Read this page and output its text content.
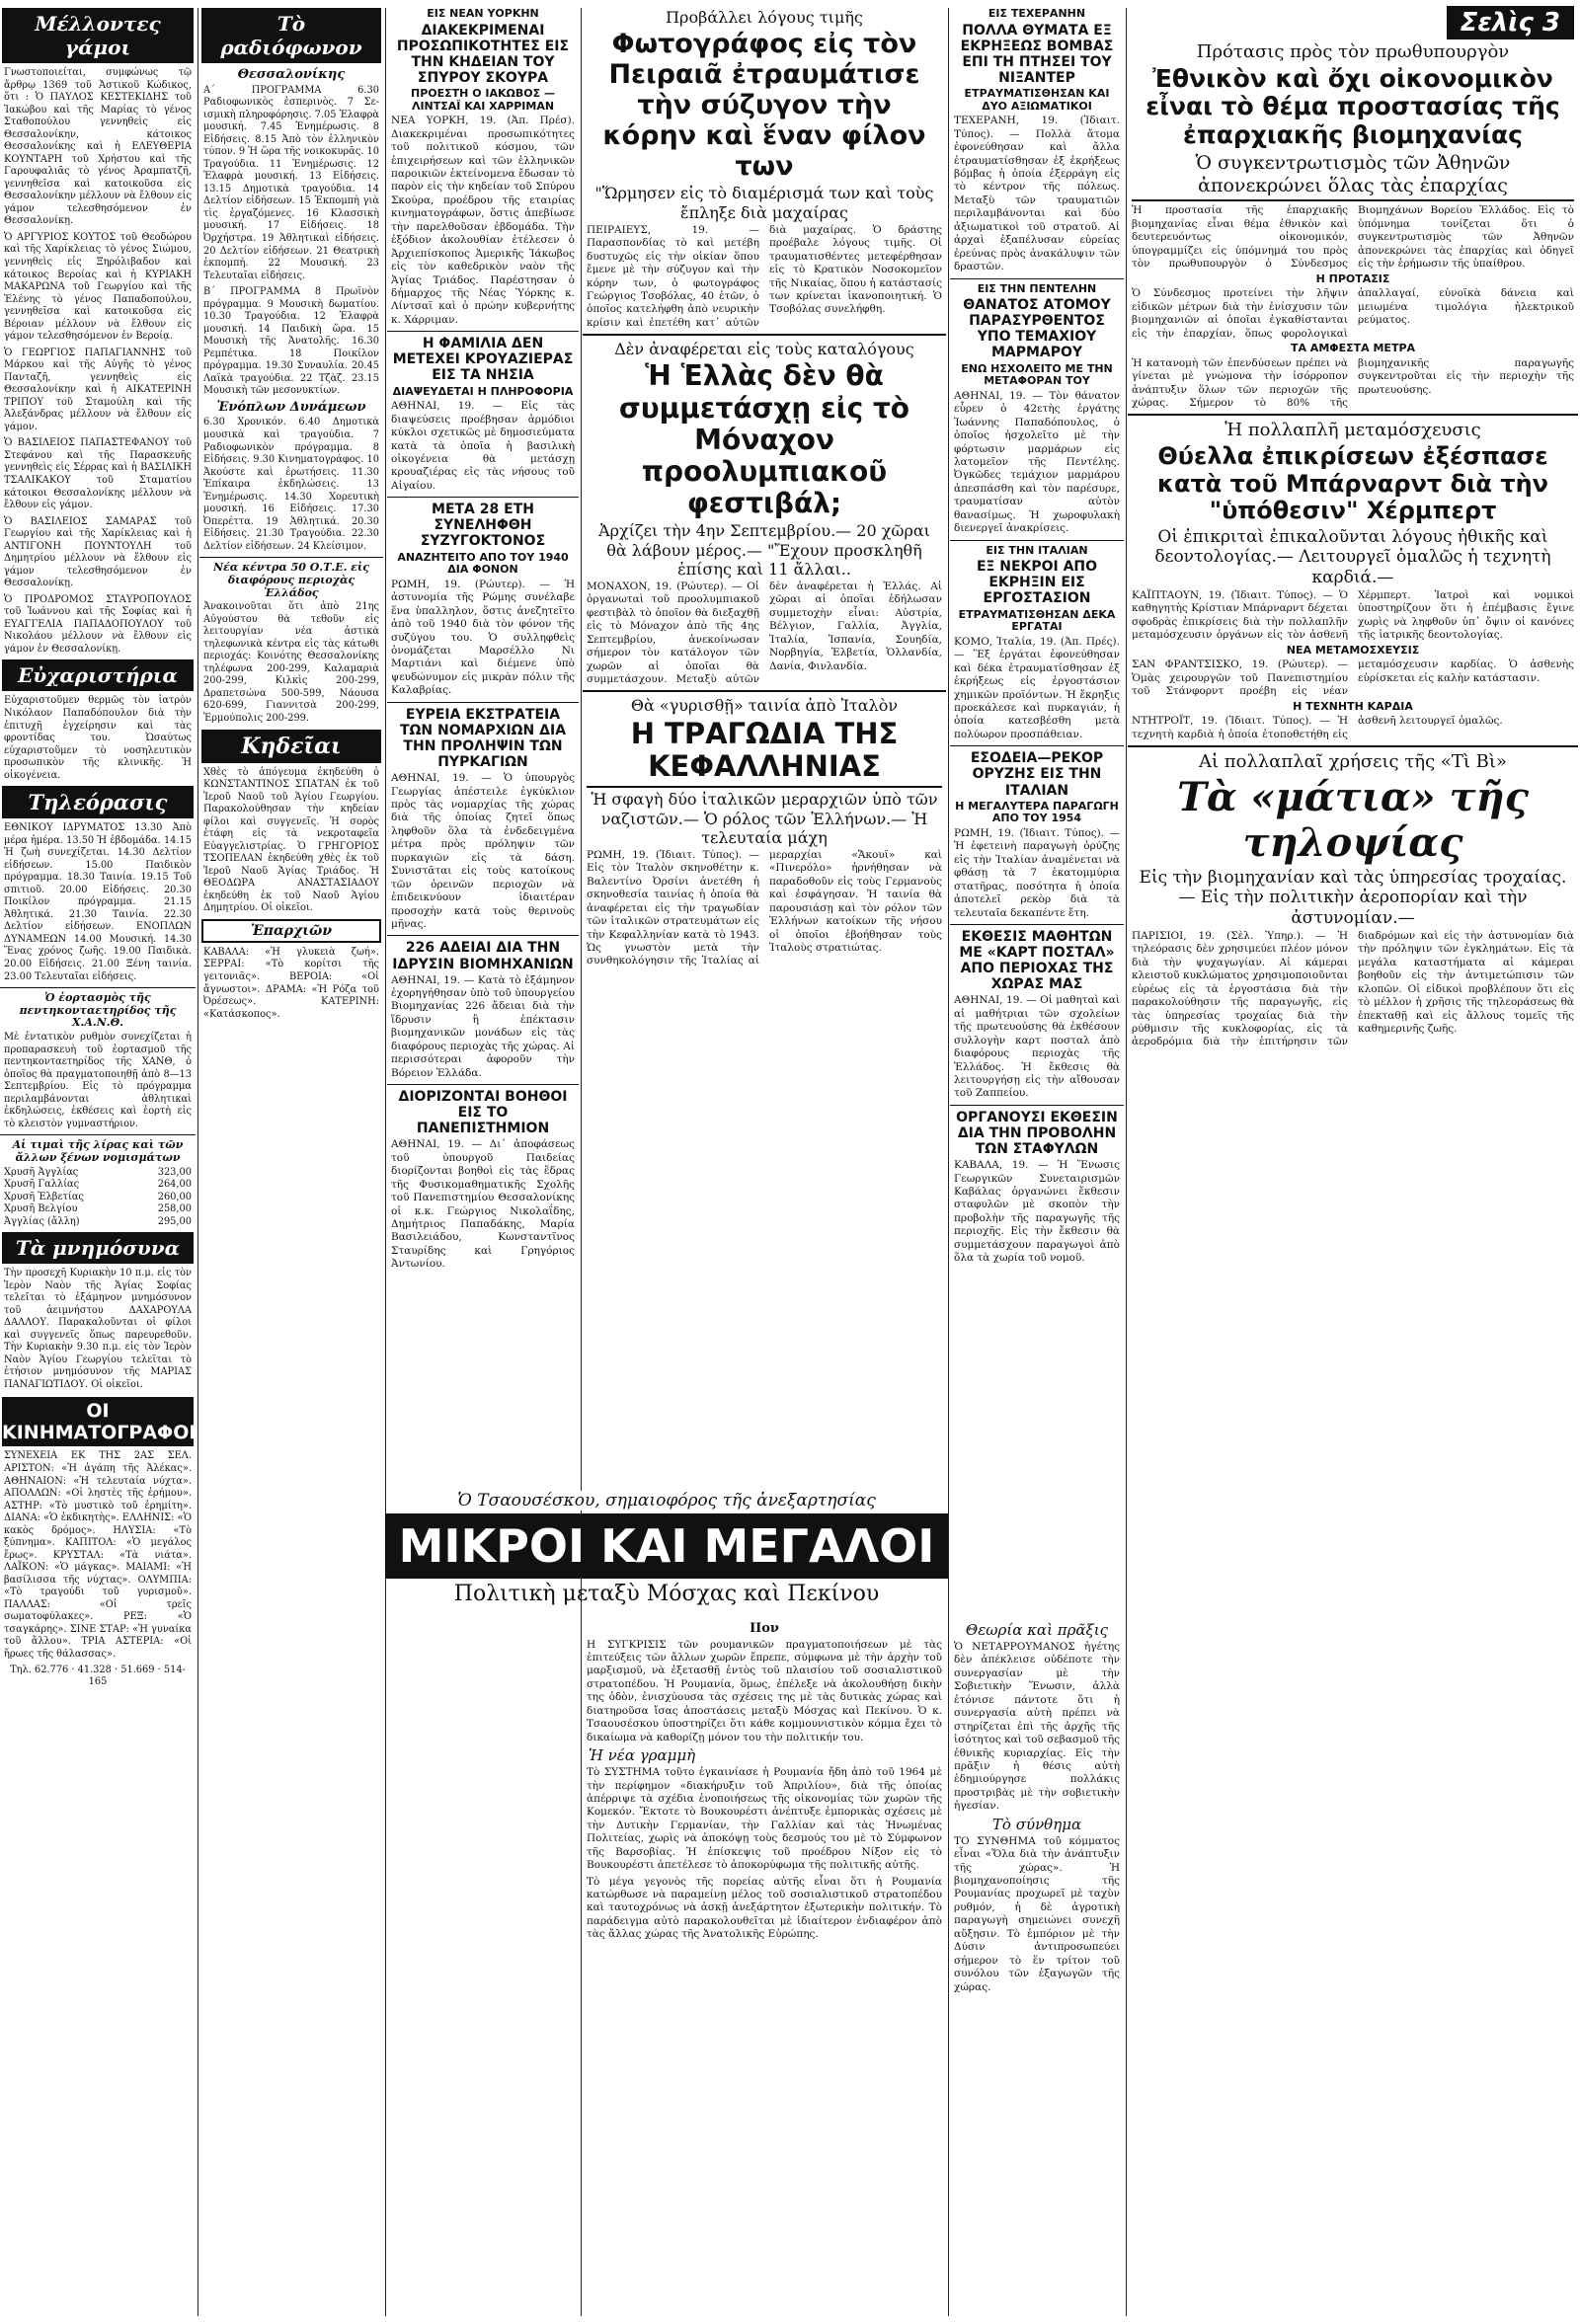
Μέλλοντες γάμοι
Γνωστοποιείται, συμφώνως τῷ ἄρθρῳ 1369 τοῦ Ἀστικοῦ Κώδικος, ὅτι : Ὁ ΠΑΥΛΟΣ ΚΕΣΤΕΚΙΔΗΣ τοῦ Ἰακώβου καὶ τῆς Μαρίας τὸ γένος Σταθοπούλου γεννηθεὶς εἰς Θεσσαλονίκην, κάτοικος Θεσσαλονίκης καὶ ἡ ΕΛΕΥΘΕΡΙΑ ΚΟΥΝΤΑΡΗ τοῦ Χρήστου καὶ τῆς Γαρουφαλιᾶς τὸ γένος Ἀραμπατζῆ, γεννηθεῖσα καὶ κατοικοῦσα εἰς Θεσσαλονίκην μέλλουν νὰ ἔλθουν εἰς γάμον τελεσθησόμενον ἐν Θεσσαλονίκῃ.
Ὁ ΑΡΓΥΡΙΟΣ ΚΟΥΤΟΣ τοῦ Θεοδώρου καὶ τῆς Χαρίκλειας τὸ γένος Σιώμου, γεννηθεὶς εἰς Ξηρόλιβαδον καὶ κάτοικος Βεροίας καὶ ἡ ΚΥΡΙΑΚΗ ΜΑΚΑΡΩΝΑ τοῦ Γεωργίου καὶ τῆς Ἑλένης τὸ γένος Παπαδοπούλου, γεννηθεῖσα καὶ κατοικοῦσα εἰς Βέροιαν μέλλουν νὰ ἔλθουν εἰς γάμον τελεσθησόμενον ἐν Βεροίᾳ.
Ὁ ΓΕΩΡΓΙΟΣ ΠΑΠΑΓΙΑΝΝΗΣ τοῦ Μάρκου καὶ τῆς Αὐγῆς τὸ γένος Πανταζῆ, γεννηθεὶς εἰς Θεσσαλονίκην καὶ ἡ ΑΙΚΑΤΕΡΙΝΗ ΤΡΙΠΟΥ τοῦ Σταμούλη καὶ τῆς Ἀλεξάνδρας μέλλουν νὰ ἔλθουν εἰς γάμον.
Ὁ ΒΑΣΙΛΕΙΟΣ ΠΑΠΑΣΤΕΦΑΝΟΥ τοῦ Στεφάνου καὶ τῆς Παρασκευῆς γεννηθεὶς εἰς Σέρρας καὶ ἡ ΒΑΣΙΛΙΚΗ ΤΣΑΛΙΚΑΚΟΥ τοῦ Σταματίου κάτοικοι Θεσσαλονίκης μέλλουν νὰ ἔλθουν εἰς γάμον.
Ὁ ΒΑΣΙΛΕΙΟΣ ΣΑΜΑΡΑΣ τοῦ Γεωργίου καὶ τῆς Χαρίκλειας καὶ ἡ ΑΝΤΙΓΟΝΗ ΠΟΥΝΤΟΥΛΗ τοῦ Δημητρίου μέλλουν νὰ ἔλθουν εἰς γάμον τελεσθησόμενον ἐν Θεσσαλονίκῃ.
Ὁ ΠΡΟΔΡΟΜΟΣ ΣΤΑΥΡΟΠΟΥΛΟΣ τοῦ Ἰωάννου καὶ τῆς Σοφίας καὶ ἡ ΕΥΑΓΓΕΛΙΑ ΠΑΠΑΔΟΠΟΥΛΟΥ τοῦ Νικολάου μέλλουν νὰ ἔλθουν εἰς γάμον ἐν Θεσσαλονίκῃ.
Εὐχαριστήρια
Εὐχαριστοῦμεν θερμῶς τὸν ἰατρὸν Νικόλαον Παπαδόπουλον διὰ τὴν ἐπιτυχῆ ἐγχείρησιν καὶ τὰς φροντίδας του. Ὡσαύτως εὐχαριστοῦμεν τὸ νοσηλευτικὸν προσωπικὸν τῆς κλινικῆς. Ἡ οἰκογένεια.
Τηλεόρασις
ΕΘΝΙΚΟΥ ΙΔΡΥΜΑΤΟΣ 13.30 Ἀπὸ μέρα ἡμέρα. 13.50 Ἡ ἑβδομάδα. 14.15 Ἡ ζωὴ συνεχίζεται. 14.30 Δελτίον εἰδήσεων. 15.00 Παιδικὸν πρόγραμμα. 18.30 Ταινία. 19.15 Τοῦ σπιτιοῦ. 20.00 Εἰδήσεις. 20.30 Ποικίλον πρόγραμμα. 21.15 Ἀθλητικά. 21.30 Ταινία. 22.30 Δελτίον εἰδήσεων. ΕΝΟΠΛΩΝ ΔΥΝΑΜΕΩΝ 14.00 Μουσική. 14.30 Ἕνας χρόνος ζωῆς. 19.00 Παιδικὰ. 20.00 Εἰδήσεις. 21.00 Ξένη ταινία. 23.00 Τελευταῖαι εἰδήσεις.
Ὁ ἑορτασμὸς τῆς πεντηκονταετηρίδος τῆς Χ.Α.Ν.Θ.
Μὲ ἐντατικὸν ρυθμὸν συνεχίζεται ἡ προπαρασκευὴ τοῦ ἑορτασμοῦ τῆς πεντηκονταετηρίδος τῆς ΧΑΝΘ, ὁ ὁποῖος θὰ πραγματοποιηθῇ ἀπὸ 8—13 Σεπτεμβρίου. Εἰς τὸ πρόγραμμα περιλαμβάνονται ἀθλητικαὶ ἐκδηλώσεις, ἐκθέσεις καὶ ἑορτὴ εἰς τὸ κλειστὸν γυμναστήριον.
Αἱ τιμαὶ τῆς λίρας καὶ τῶν ἄλλων ξένων νομισμάτων
Χρυσῆ Ἀγγλίας	323,00
Χρυσῆ Γαλλίας	264,00
Χρυσῆ Ἑλβετίας	260,00
Χρυσῆ Βελγίου	258,00
Ἀγγλίας (ἄλλη)	295,00
Τὰ μνημόσυνα
Τὴν προσεχῆ Κυριακὴν 10 π.μ. εἰς τὸν Ἱερὸν Ναὸν τῆς Ἁγίας Σοφίας τελεῖται τὸ ἑξάμηνον μνημόσυνον τοῦ ἀειμνήστου ΔΑΧΑΡΟΥΛΑ ΔΑΛΛΟΥ. Παρακαλοῦνται οἱ φίλοι καὶ συγγενεῖς ὅπως παρευρεθοῦν. Τὴν Κυριακὴν 9.30 π.μ. εἰς τὸν Ἱερὸν Ναὸν Ἁγίου Γεωργίου τελεῖται τὸ ἐτήσιον μνημόσυνον τῆς ΜΑΡΙΑΣ ΠΑΝΑΓΙΩΤΙΔΟΥ. Οἱ οἰκεῖοι.
ΟΙ ΚΙΝΗΜΑΤΟΓΡΑΦΟΙ
ΣΥΝΕΧΕΙΑ ΕΚ ΤΗΣ 2ΑΣ ΣΕΛ. ΑΡΙΣΤΟΝ: «Ἡ ἀγάπη τῆς Ἀλέκας». ΑΘΗΝΑΙΟΝ: «Ἡ τελευταία νύχτα». ΑΠΟΛΛΩΝ: «Οἱ ληστὲς τῆς ἐρήμου». ΑΣΤΗΡ: «Τὸ μυστικὸ τοῦ ἐρημίτη». ΔΙΑΝΑ: «Ὁ ἐκδικητὴς». ΕΛΛΗΝΙΣ: «Ὁ κακὸς δρόμος». ΗΛΥΣΙΑ: «Τὸ ξύπνημα». ΚΑΠΙΤΟΛ: «Ὁ μεγάλος ἔρως». ΚΡΥΣΤΑΛ: «Τὰ νιάτα». ΛΑΪΚΟΝ: «Ὁ μάγκας». ΜΑΙΑΜΙ: «Ἡ βασίλισσα τῆς νύχτας». ΟΛΥΜΠΙΑ: «Τὸ τραγούδι τοῦ γυρισμοῦ». ΠΑΛΛΑΣ: «Οἱ τρεῖς σωματοφύλακες». ΡΕΞ: «Ὁ τσαγκάρης». ΣΙΝΕ ΣΤΑΡ: «Ἡ γυναίκα τοῦ ἄλλου». ΤΡΙΑ ΑΣΤΕΡΙΑ: «Οἱ ἥρωες τῆς θάλασσας».
Τηλ. 62.776 · 41.328 · 51.669 · 514-165
Τὸ ραδιόφωνον
Θεσσαλονίκης
Α΄ ΠΡΟΓΡΑΜΜΑ 6.30 Ραδιοφωνικὸς ἐσπερινὸς. 7 Σεισμικὴ πληροφόρησις. 7.05 Ἐλαφρὰ μουσική. 7.45 Ἐνημέρωσις. 8 Εἰδήσεις. 8.15 Ἀπὸ τὸν ἑλληνικὸν τύπον. 9 Ἡ ὥρα τῆς νοικοκυρᾶς. 10 Τραγούδια. 11 Ἐνημέρωσις. 12 Ἐλαφρὰ μουσική. 13 Εἰδήσεις. 13.15 Δημοτικὰ τραγούδια. 14 Δελτίον εἰδήσεων. 15 Ἐκπομπὴ γιὰ τὶς ἐργαζόμενες. 16 Κλασσικὴ μουσική. 17 Εἰδήσεις. 18 Ὀρχήστρα. 19 Ἀθλητικαὶ εἰδήσεις. 20 Δελτίον εἰδήσεων. 21 Θεατρικὴ ἐκπομπή. 22 Μουσική. 23 Τελευταῖαι εἰδήσεις.
Β΄ ΠΡΟΓΡΑΜΜΑ 8 Πρωϊνὸν πρόγραμμα. 9 Μουσικὴ δωματίου. 10.30 Τραγούδια. 12 Ἐλαφρὰ μουσική. 14 Παιδικὴ ὥρα. 15 Μουσικὴ τῆς Ἀνατολῆς. 16.30 Ρεμπέτικα. 18 Ποικίλον πρόγραμμα. 19.30 Συναυλία. 20.45 Λαϊκὰ τραγούδια. 22 Τζὰζ. 23.15 Μουσικὴ τῶν μεσονυκτίων.
Ἐνόπλων Δυνάμεων
6.30 Χρονικόν. 6.40 Δημοτικὰ μουσικὰ καὶ τραγούδια. 7 Ραδιοφωνικὸν πρόγραμμα. 8 Εἰδήσεις. 9.30 Κινηματογράφος. 10 Ἀκούστε καὶ ἐρωτήσεις. 11.30 Ἐπίκαιρα ἐκδηλώσεις. 13 Ἐνημέρωσις. 14.30 Χορευτικὴ μουσική. 16 Εἰδήσεις. 17.30 Ὀπερέττα. 19 Ἀθλητικά. 20.30 Εἰδήσεις. 21.30 Τραγούδια. 22.30 Δελτίον εἰδήσεων. 24 Κλείσιμον.
Νέα κέντρα 50 Ο.Τ.Ε. εἰς διαφόρους περιοχὰς Ἑλλάδος
Ἀνακοινοῦται ὅτι ἀπὸ 21ης Αὐγούστου θὰ τεθοῦν εἰς λειτουργίαν νέα ἀστικὰ τηλεφωνικὰ κέντρα εἰς τὰς κάτωθι περιοχάς: Κοινότης Θεσσαλονίκης τηλέφωνα 200-299, Καλαμαριὰ 200-299, Κιλκὶς 200-299, Δραπετσώνα 500-599, Νάουσα 620-699, Γιαννιτσὰ 200-299, Ἑρμούπολις 200-299.
Κηδεῖαι
Χθὲς τὸ ἀπόγευμα ἐκηδεύθη ὁ ΚΩΝΣΤΑΝΤΙΝΟΣ ΣΠΑΤΑΝ ἐκ τοῦ Ἱεροῦ Ναοῦ τοῦ Ἁγίου Γεωργίου. Παρακολούθησαν τὴν κηδείαν φίλοι καὶ συγγενεῖς. Ἡ σορὸς ἐτάφη εἰς τὰ νεκροταφεῖα Εὐαγγελιστρίας. Ὁ ΓΡΗΓΟΡΙΟΣ ΤΣΟΠΕΛΑΝ ἐκηδεύθη χθὲς ἐκ τοῦ Ἱεροῦ Ναοῦ Ἁγίας Τριάδος. Ἡ ΘΕΟΔΩΡΑ ΑΝΑΣΤΑΣΙΑΔΟΥ ἐκηδεύθη ἐκ τοῦ Ναοῦ Ἁγίου Δημητρίου. Οἱ οἰκεῖοι.
Ἐπαρχιῶν
ΚΑΒΑΛΑ: «Ἡ γλυκειὰ ζωή». ΣΕΡΡΑΙ: «Τὸ κορίτσι τῆς γειτονιᾶς». ΒΕΡΟΙΑ: «Οἱ ἄγνωστοι». ΔΡΑΜΑ: «Ἡ Ρόζα τοῦ Ὀρέσεως». ΚΑΤΕΡΙΝΗ: «Κατάσκοπος».
ΕΙΣ ΝΕΑΝ ΥΟΡΚΗΝ
ΔΙΑΚΕΚΡΙΜΕΝΑΙ ΠΡΟΣΩΠΙΚΟΤΗΤΕΣ ΕΙΣ ΤΗΝ ΚΗΔΕΙΑΝ ΤΟΥ ΣΠΥΡΟΥ ΣΚΟΥΡΑ
ΠΡΟΕΣΤΗ Ο ΙΑΚΩΒΟΣ — ΛΙΝΤΣΑΪ ΚΑΙ ΧΑΡΡΙΜΑΝ
ΝΕΑ ΥΟΡΚΗ, 19. (Ἀπ. Πρέσ). Διακεκριμέναι προσωπικότητες τοῦ πολιτικοῦ κόσμου, τῶν ἐπιχειρήσεων καὶ τῶν ἑλληνικῶν παροικιῶν ἐκτείνομενα ἔδωσαν τὸ παρὸν εἰς τὴν κηδείαν τοῦ Σπύρου Σκούρα, προέδρου τῆς εταιρίας κινηματογράφων, ὅστις ἀπεβίωσε τὴν παρελθοῦσαν ἑβδομάδα. Τὴν ἐξόδιον ἀκολουθίαν ἐτέλεσεν ὁ Ἀρχιεπίσκοπος Ἀμερικῆς Ἰάκωβος εἰς τὸν καθεδρικὸν ναὸν τῆς Ἁγίας Τριάδος. Παρέστησαν ὁ δήμαρχος τῆς Νέας Ὑόρκης κ. Λίντσαϊ καὶ ὁ πρώην κυβερνήτης κ. Χάρριμαν.
Η ΦΑΜΙΛΙΑ ΔΕΝ ΜΕΤΕΧΕΙ ΚΡΟΥΑΖΙΕΡΑΣ ΕΙΣ ΤΑ ΝΗΣΙΑ
ΔΙΑΨΕΥΔΕΤΑΙ Η ΠΛΗΡΟΦΟΡΙΑ
ΑΘΗΝΑΙ, 19. — Εἰς τὰς διαψεύσεις προέβησαν ἁρμόδιοι κύκλοι σχετικῶς μὲ δημοσιεύματα κατὰ τὰ ὁποῖα ἡ βασιλικὴ οἰκογένεια θὰ μετάσχῃ κρουαζιέρας εἰς τὰς νήσους τοῦ Αἰγαίου.
ΜΕΤΑ 28 ΕΤΗ ΣΥΝΕΛΗΦΘΗ ΣΥΖΥΓΟΚΤΟΝΟΣ
ΑΝΑΖΗΤΕΙΤΟ ΑΠΟ ΤΟΥ 1940 ΔΙΑ ΦΟΝΟΝ
ΡΩΜΗ, 19. (Ρώυτερ). — Ἡ ἀστυνομία τῆς Ρώμης συνέλαβε ἕνα ὑπαλληλον, ὅστις ἀνεζητεῖτο ἀπὸ τοῦ 1940 διὰ τὸν φόνον τῆς συζύγου του. Ὁ συλληφθεὶς ὀνομάζεται Μαρσέλλο Νι Μαρτιάνι καὶ διέμενε ὑπὸ ψευδώνυμον εἰς μικρὰν πόλιν τῆς Καλαβρίας.
ΕΥΡΕΙΑ ΕΚΣΤΡΑΤΕΙΑ ΤΩΝ ΝΟΜΑΡΧΙΩΝ ΔΙΑ ΤΗΝ ΠΡΟΛΗΨΙΝ ΤΩΝ ΠΥΡΚΑΓΙΩΝ
ΑΘΗΝΑΙ, 19. — Ὁ ὑπουργὸς Γεωργίας ἀπέστειλε ἐγκύκλιον πρὸς τὰς νομαρχίας τῆς χώρας διὰ τῆς ὁποίας ζητεῖ ὅπως ληφθοῦν ὅλα τὰ ἐνδεδειγμένα μέτρα πρὸς πρόληψιν τῶν πυρκαγιῶν εἰς τὰ δάση. Συνιστᾶται εἰς τοὺς κατοίκους τῶν ὀρεινῶν περιοχῶν νὰ ἐπιδεικνύουν ἰδιαιτέραν προσοχὴν κατὰ τοὺς θερινοὺς μῆνας.
226 ΑΔΕΙΑΙ ΔΙΑ ΤΗΝ ΙΔΡΥΣΙΝ ΒΙΟΜΗΧΑΝΙΩΝ
ΑΘΗΝΑΙ, 19. — Κατὰ τὸ ἑξάμηνον ἐχορηγήθησαν ὑπὸ τοῦ ὑπουργείου Βιομηχανίας 226 ἄδειαι διὰ τὴν ἵδρυσιν ἢ ἐπέκτασιν βιομηχανικῶν μονάδων εἰς τὰς διαφόρους περιοχὰς τῆς χώρας. Αἱ περισσότεραι ἀφοροῦν τὴν Βόρειον Ἑλλάδα.
ΔΙΟΡΙΖΟΝΤΑΙ ΒΟΗΘΟΙ ΕΙΣ ΤΟ ΠΑΝΕΠΙΣΤΗΜΙΟΝ
ΑΘΗΝΑΙ, 19. — Δι᾿ ἀποφάσεως τοῦ ὑπουργοῦ Παιδείας διορίζονται βοηθοὶ εἰς τὰς ἕδρας τῆς Φυσικομαθηματικῆς Σχολῆς τοῦ Πανεπιστημίου Θεσσαλονίκης οἱ κ.κ. Γεώργιος Νικολαΐδης, Δημήτριος Παπαδάκης, Μαρία Βασιλειάδου, Κωνσταντῖνος Σταυρίδης καὶ Γρηγόριος Ἀντωνίου.
Προβάλλει λόγους τιμῆς
Φωτογράφος εἰς τὸν Πειραιᾶ ἐτραυμάτισε τὴν σύζυγον τὴν κόρην καὶ ἕναν φίλον των
"Ὥρμησεν εἰς τὸ διαμέρισμά των καὶ τοὺς ἔπληξε διὰ μαχαίρας
ΠΕΙΡΑΙΕΥΣ, 19. — Παρασπονδίας τὸ καὶ μετέβη δυστυχῶς εἰς τὴν οἰκίαν ὅπου ἔμενε μὲ τὴν σύζυγον καὶ τὴν κόρην των, ὁ φωτογράφος Γεώργιος Τσοβόλας, 40 ἐτῶν, ὁ ὁποῖος κατελήφθη ἀπὸ νευρικὴν κρίσιν καὶ ἐπετέθη κατ᾿ αὐτῶν διὰ μαχαίρας. Ὁ δράστης προέβαλε λόγους τιμῆς. Οἱ τραυματισθέντες μετεφέρθησαν εἰς τὸ Κρατικὸν Νοσοκομεῖον τῆς Νικαίας, ὅπου ἡ κατάστασίς των κρίνεται ἱκανοποιητική. Ὁ Τσοβόλας συνελήφθη.
Δὲν ἀναφέρεται εἰς τοὺς καταλόγους
Ἡ Ἑλλὰς δὲν θὰ συμμετάσχῃ εἰς τὸ Μόναχον προολυμπιακοῦ φεστιβάλ;
Ἀρχίζει τὴν 4ην Σεπτεμβρίου.— 20 χῶραι θὰ λάβουν μέρος.— "Ἔχουν προσκληθῆ ἐπίσης καὶ 11 ἄλλαι..
ΜΟΝΑΧΟΝ, 19. (Ρώυτερ). — Οἱ ὀργανωταὶ τοῦ προολυμπιακοῦ φεστιβὰλ τὸ ὁποῖον θὰ διεξαχθῇ εἰς τὸ Μόναχον ἀπὸ τῆς 4ης Σεπτεμβρίου, ἀνεκοίνωσαν σήμερον τὸν κατάλογον τῶν χωρῶν αἱ ὁποῖαι θὰ συμμετάσχουν. Μεταξὺ αὐτῶν δὲν ἀναφέρεται ἡ Ἑλλάς. Αἱ χῶραι αἱ ὁποῖαι ἐδήλωσαν συμμετοχὴν εἶναι: Αὐστρία, Βέλγιον, Γαλλία, Ἀγγλία, Ἰταλία, Ἰσπανία, Σουηδία, Νορβηγία, Ἑλβετία, Ὁλλανδία, Δανία, Φινλανδία.
Θὰ «γυρισθῇ» ταινία ἀπὸ Ἰταλὸν
Η ΤΡΑΓΩΔΙΑ ΤΗΣ ΚΕΦΑΛΛΗΝΙΑΣ
Ἡ σφαγὴ δύο ἰταλικῶν μεραρχιῶν ὑπὸ τῶν ναζιστῶν.— Ὁ ρόλος τῶν Ἑλλήνων.— Ἡ τελευταία μάχη
ΡΩΜΗ, 19. (Ἰδιαιτ. Τύπος). — Εἰς τὸν Ἰταλὸν σκηνοθέτην κ. Βαλεντίνο Ὀρσίνι ἀνετέθη ἡ σκηνοθεσία ταινίας ἡ ὁποία θὰ ἀναφέρεται εἰς τὴν τραγωδίαν τῶν ἰταλικῶν στρατευμάτων εἰς τὴν Κεφαλληνίαν κατὰ τὸ 1943. Ὡς γνωστὸν μετὰ τὴν συνθηκολόγησιν τῆς Ἰταλίας αἱ μεραρχίαι «Ἄκουϊ» καὶ «Πινερόλο» ἠρνήθησαν νὰ παραδοθοῦν εἰς τοὺς Γερμανοὺς καὶ ἐσφάγησαν. Ἡ ταινία θὰ παρουσιάσῃ καὶ τὸν ρόλον τῶν Ἑλλήνων κατοίκων τῆς νήσου οἱ ὁποῖοι ἐβοήθησαν τοὺς Ἰταλοὺς στρατιώτας.
Ὁ Τσαουσέσκου, σημαιοφόρος τῆς ἀνεξαρτησίας
ΜΙΚΡΟΙ ΚΑΙ ΜΕΓΑΛΟΙ
Πολιτικὴ μεταξὺ Μόσχας καὶ Πεκίνου
ΙΙον
Η ΣΥΓΚΡΙΣΙΣ τῶν ρουμανικῶν πραγματοποιήσεων μὲ τὰς ἐπιτεύξεις τῶν ἄλλων χωρῶν ἔπρεπε, σύμφωνα μὲ τὴν ἀρχὴν τοῦ μαρξισμοῦ, νὰ ἐξετασθῇ ἐντὸς τοῦ πλαισίου τοῦ σοσιαλιστικοῦ στρατοπέδου. Ἡ Ρουμανία, ὅμως, ἐπέλεξε νὰ ἀκολουθήσῃ δικὴν της ὁδὸν, ἐνισχύουσα τὰς σχέσεις της μὲ τὰς δυτικὰς χώρας καὶ διατηροῦσα ἴσας ἀποστάσεις μεταξὺ Μόσχας καὶ Πεκίνου. Ὁ κ. Τσαουσέσκου ὑποστηρίζει ὅτι κάθε κομμουνιστικὸν κόμμα ἔχει τὸ δικαίωμα νὰ καθορίζῃ μόνον του τὴν πολιτικήν του.
Ἡ νέα γραμμὴ
Τὸ ΣΥΣΤΗΜΑ τοῦτο ἐγκαινίασε ἡ Ρουμανία ἤδη ἀπὸ τοῦ 1964 μὲ τὴν περίφημον «διακήρυξιν τοῦ Ἀπριλίου», διὰ τῆς ὁποίας ἀπέρριψε τὰ σχέδια ἐνοποιήσεως τῆς οἰκονομίας τῶν χωρῶν τῆς Κομεκόν. Ἔκτοτε τὸ Βουκουρέστι ἀνέπτυξε ἐμπορικὰς σχέσεις μὲ τὴν Δυτικὴν Γερμανίαν, τὴν Γαλλίαν καὶ τὰς Ἡνωμένας Πολιτείας, χωρὶς νὰ ἀποκόψῃ τοὺς δεσμούς του μὲ τὸ Σύμφωνον τῆς Βαρσοβίας. Ἡ ἐπίσκεψις τοῦ προέδρου Νίξον εἰς τὸ Βουκουρέστι ἀπετέλεσε τὸ ἀποκορύφωμα τῆς πολιτικῆς αὐτῆς.
Τὸ μέγα γεγονὸς τῆς πορείας αὐτῆς εἶναι ὅτι ἡ Ρουμανία κατώρθωσε νὰ παραμείνῃ μέλος τοῦ σοσιαλιστικοῦ στρατοπέδου καὶ ταυτοχρόνως νὰ ἀσκῇ ἀνεξάρτητον ἐξωτερικὴν πολιτικήν. Τὸ παράδειγμα αὐτὸ παρακολουθεῖται μὲ ἰδιαίτερον ἐνδιαφέρον ἀπὸ τὰς ἄλλας χώρας τῆς Ἀνατολικῆς Εὐρώπης.
ΕΙΣ ΤΕΧΕΡΑΝΗΝ
ΠΟΛΛΑ ΘΥΜΑΤΑ ΕΞ ΕΚΡΗΞΕΩΣ ΒΟΜΒΑΣ ΕΠΙ ΤΗ ΠΤΗΣΕΙ ΤΟΥ ΝΙΞΑΝΤΕΡ
ΕΤΡΑΥΜΑΤΙΣΘΗΣΑΝ ΚΑΙ ΔΥΟ ΑΞΙΩΜΑΤΙΚΟΙ
ΤΕΧΕΡΑΝΗ, 19. (Ἰδιαιτ. Τύπος). — Πολλὰ ἄτομα ἐφονεύθησαν καὶ ἄλλα ἐτραυματίσθησαν ἐξ ἐκρήξεως βόμβας ἡ ὁποία ἐξερράγη εἰς τὸ κέντρον τῆς πόλεως. Μεταξὺ τῶν τραυματιῶν περιλαμβάνονται καὶ δύο ἀξιωματικοὶ τοῦ στρατοῦ. Αἱ ἀρχαὶ ἐξαπέλυσαν εὐρείας ἐρεύνας πρὸς ἀνακάλυψιν τῶν δραστῶν.
ΕΙΣ ΤΗΝ ΠΕΝΤΕΛΗΝ
ΘΑΝΑΤΟΣ ΑΤΟΜΟΥ ΠΑΡΑΣΥΡΘΕΝΤΟΣ ΥΠΟ ΤΕΜΑΧΙΟΥ ΜΑΡΜΑΡΟΥ
ΕΝΩ ΗΣΧΟΛΕΙΤΟ ΜΕ ΤΗΝ ΜΕΤΑΦΟΡΑΝ ΤΟΥ
ΑΘΗΝΑΙ, 19. — Τὸν θάνατον εὗρεν ὁ 42ετὴς ἐργάτης Ἰωάννης Παπαδόπουλος, ὁ ὁποῖος ἠσχολεῖτο μὲ τὴν φόρτωσιν μαρμάρων εἰς λατομεῖον τῆς Πεντέλης. Ὀγκῶδες τεμάχιον μαρμάρου ἀπεσπάσθη καὶ τὸν παρέσυρε, τραυματίσαν αὐτὸν θανασίμως. Ἡ χωροφυλακὴ διενεργεῖ ἀνακρίσεις.
ΕΙΣ ΤΗΝ ΙΤΑΛΙΑΝ
ΕΞ ΝΕΚΡΟΙ ΑΠΟ ΕΚΡΗΞΙΝ ΕΙΣ ΕΡΓΟΣΤΑΣΙΟΝ
ΕΤΡΑΥΜΑΤΙΣΘΗΣΑΝ ΔΕΚΑ ΕΡΓΑΤΑΙ
ΚΟΜΟ, Ἰταλία, 19. (Ἀπ. Πρές). — Ἓξ ἐργάται ἐφονεύθησαν καὶ δέκα ἐτραυματίσθησαν ἐξ ἐκρήξεως εἰς ἐργοστάσιον χημικῶν προϊόντων. Ἡ ἔκρηξις προεκάλεσε καὶ πυρκαγιάν, ἡ ὁποία κατεσβέσθη μετὰ πολύωρον προσπάθειαν.
ΕΣΟΔΕΙΑ—ΡΕΚΟΡ ΟΡΥΖΗΣ ΕΙΣ ΤΗΝ ΙΤΑΛΙΑΝ
Η ΜΕΓΑΛΥΤΕΡΑ ΠΑΡΑΓΩΓΗ ΑΠΟ ΤΟΥ 1954
ΡΩΜΗ, 19. (Ἰδιαιτ. Τύπος). — Ἡ ἐφετεινὴ παραγωγὴ ὀρύζης εἰς τὴν Ἰταλίαν ἀναμένεται νὰ φθάσῃ τὰ 7 ἑκατομμύρια στατῆρας, ποσότητα ἡ ὁποία ἀποτελεῖ ρεκὸρ διὰ τὰ τελευταῖα δεκαπέντε ἔτη.
ΕΚΘΕΣΙΣ ΜΑΘΗΤΩΝ ΜΕ «ΚΑΡΤ ΠΟΣΤΑΛ» ΑΠΟ ΠΕΡΙΟΧΑΣ ΤΗΣ ΧΩΡΑΣ ΜΑΣ
ΑΘΗΝΑΙ, 19. — Οἱ μαθηταὶ καὶ αἱ μαθήτριαι τῶν σχολείων τῆς πρωτευούσης θὰ ἐκθέσουν συλλογὴν καρτ ποσταλ ἀπὸ διαφόρους περιοχὰς τῆς Ἑλλάδος. Ἡ ἔκθεσις θὰ λειτουργήσῃ εἰς τὴν αἴθουσαν τοῦ Ζαππείου.
ΟΡΓΑΝΟΥΣΙ ΕΚΘΕΣΙΝ ΔΙΑ ΤΗΝ ΠΡΟΒΟΛΗΝ ΤΩΝ ΣΤΑΦΥΛΩΝ
ΚΑΒΑΛΑ, 19. — Ἡ Ἕνωσις Γεωργικῶν Συνεταιρισμῶν Καβάλας ὀργανώνει ἔκθεσιν σταφυλῶν μὲ σκοπὸν τὴν προβολὴν τῆς παραγωγῆς τῆς περιοχῆς. Εἰς τὴν ἔκθεσιν θὰ συμμετάσχουν παραγωγοὶ ἀπὸ ὅλα τὰ χωρία τοῦ νομοῦ.
Θεωρία καὶ πρᾶξις
Ὁ ΝΕΤΑΡΡΟΥΜΑΝΟΣ ἡγέτης δὲν ἀπέκλεισε οὐδέποτε τὴν συνεργασίαν μὲ τὴν Σοβιετικὴν Ἕνωσιν, ἀλλὰ ἐτόνισε πάντοτε ὅτι ἡ συνεργασία αὐτὴ πρέπει νὰ στηρίζεται ἐπὶ τῆς ἀρχῆς τῆς ἰσότητος καὶ τοῦ σεβασμοῦ τῆς ἐθνικῆς κυριαρχίας. Εἰς τὴν πρᾶξιν ἡ θέσις αὐτὴ ἐδημιούργησε πολλάκις προστριβὰς μὲ τὴν σοβιετικὴν ἡγεσίαν.
Τὸ σύνθημα
ΤΟ ΣΥΝΘΗΜΑ τοῦ κόμματος εἶναι «Ὅλα διὰ τὴν ἀνάπτυξιν τῆς χώρας». Ἡ βιομηχανοποίησις τῆς Ρουμανίας προχωρεῖ μὲ ταχὺν ρυθμόν, ἡ δὲ ἀγροτικὴ παραγωγὴ σημειώνει συνεχῆ αὔξησιν. Τὸ ἐμπόριον μὲ τὴν Δύσιν ἀντιπροσωπεύει σήμερον τὸ ἕν τρίτον τοῦ συνόλου τῶν ἐξαγωγῶν τῆς χώρας.
Σελὶς 3
Πρότασις πρὸς τὸν πρωθυπουργὸν
Ἐθνικὸν καὶ ὄχι οἰκονομικὸν εἶναι τὸ θέμα προστασίας τῆς ἐπαρχιακῆς βιομηχανίας
Ὁ συγκεντρωτισμὸς τῶν Ἀθηνῶν ἀπονεκρώνει ὅλας τὰς ἐπαρχίας
Ἡ προστασία τῆς ἐπαρχιακῆς βιομηχανίας εἶναι θέμα ἐθνικὸν καὶ δευτερευόντως οἰκονομικόν, ὑπογραμμίζει εἰς ὑπόμνημά του πρὸς τὸν πρωθυπουργὸν ὁ Σύνδεσμος Βιομηχάνων Βορείου Ἑλλάδος. Εἰς τὸ ὑπόμνημα τονίζεται ὅτι ὁ συγκεντρωτισμὸς τῶν Ἀθηνῶν ἀπονεκρώνει τὰς ἐπαρχίας καὶ ὁδηγεῖ εἰς τὴν ἐρήμωσιν τῆς ὑπαίθρου.
Η ΠΡΟΤΑΣΙΣ
Ὁ Σύνδεσμος προτείνει τὴν λῆψιν εἰδικῶν μέτρων διὰ τὴν ἐνίσχυσιν τῶν βιομηχανιῶν αἱ ὁποῖαι ἐγκαθίστανται εἰς τὴν ἐπαρχίαν, ὅπως φορολογικαὶ ἀπαλλαγαί, εὐνοϊκὰ δάνεια καὶ μειωμένα τιμολόγια ἠλεκτρικοῦ ρεύματος.
ΤΑ ΑΜΦΕΣΤΑ ΜΕΤΡΑ
Ἡ κατανομὴ τῶν ἐπενδύσεων πρέπει νὰ γίνεται μὲ γνώμονα τὴν ἰσόρροπον ἀνάπτυξιν ὅλων τῶν περιοχῶν τῆς χώρας. Σήμερον τὸ 80% τῆς βιομηχανικῆς παραγωγῆς συγκεντροῦται εἰς τὴν περιοχὴν τῆς πρωτευούσης.
Ἡ πολλαπλῆ μεταμόσχευσις
Θύελλα ἐπικρίσεων ἐξέσπασε κατὰ τοῦ Μπάρναρντ διὰ τὴν "ὑπόθεσιν" Χέρμπερτ
Οἱ ἐπικριταὶ ἐπικαλοῦνται λόγους ἠθικῆς καὶ δεοντολογίας.— Λειτουργεῖ ὁμαλῶς ἡ τεχνητὴ καρδιά.—
ΚΑΪΠΤΑΟΥΝ, 19. (Ἰδιαιτ. Τύπος). — Ὁ καθηγητὴς Κρίστιαν Μπάρναρντ δέχεται σφοδρὰς ἐπικρίσεις διὰ τὴν πολλαπλῆν μεταμόσχευσιν ὀργάνων εἰς τὸν ἀσθενῆ Χέρμπερτ. Ἰατροὶ καὶ νομικοὶ ὑποστηρίζουν ὅτι ἡ ἐπέμβασις ἔγινε χωρὶς νὰ ληφθοῦν ὑπ᾿ ὄψιν οἱ κανόνες τῆς ἰατρικῆς δεοντολογίας.
ΝΕΑ ΜΕΤΑΜΟΣΧΕΥΣΙΣ
ΣΑΝ ΦΡΑΝΤΣΙΣΚΟ, 19. (Ρώυτερ). — Ὁμὰς χειρουργῶν τοῦ Πανεπιστημίου τοῦ Στάνφορντ προέβη εἰς νέαν μεταμόσχευσιν καρδίας. Ὁ ἀσθενὴς εὑρίσκεται εἰς καλὴν κατάστασιν.
Η ΤΕΧΝΗΤΗ ΚΑΡΔΙΑ
ΝΤΗΤΡΟΪΤ, 19. (Ἰδιαιτ. Τύπος). — Ἡ τεχνητὴ καρδιὰ ἡ ὁποία ἐτοποθετήθη εἰς ἀσθενῆ λειτουργεῖ ὁμαλῶς.
Αἱ πολλαπλαῖ χρήσεις τῆς «Τὶ Βὶ»
Τὰ «μάτια» τῆς τηλοψίας
Εἰς τὴν βιομηχανίαν καὶ τὰς ὑπηρεσίας τροχαίας.— Εἰς τὴν πολιτικὴν ἀεροπορίαν καὶ τὴν ἀστυνομίαν.—
ΠΑΡΙΣΙΟΙ, 19. (Σὲλ. Ὑπηρ.). — Ἡ τηλεόρασις δὲν χρησιμεύει πλέον μόνον διὰ τὴν ψυχαγωγίαν. Αἱ κάμεραι κλειστοῦ κυκλώματος χρησιμοποιοῦνται εὐρέως εἰς τὰ ἐργοστάσια διὰ τὴν παρακολούθησιν τῆς παραγωγῆς, εἰς τὰς ὑπηρεσίας τροχαίας διὰ τὴν ρύθμισιν τῆς κυκλοφορίας, εἰς τὰ ἀεροδρόμια διὰ τὴν ἐπιτήρησιν τῶν διαδρόμων καὶ εἰς τὴν ἀστυνομίαν διὰ τὴν πρόληψιν τῶν ἐγκλημάτων. Εἰς τὰ μεγάλα καταστήματα αἱ κάμεραι βοηθοῦν εἰς τὴν ἀντιμετώπισιν τῶν κλοπῶν. Οἱ εἰδικοὶ προβλέπουν ὅτι εἰς τὸ μέλλον ἡ χρῆσις τῆς τηλεοράσεως θὰ ἐπεκταθῇ καὶ εἰς ἄλλους τομεῖς τῆς καθημερινῆς ζωῆς.
